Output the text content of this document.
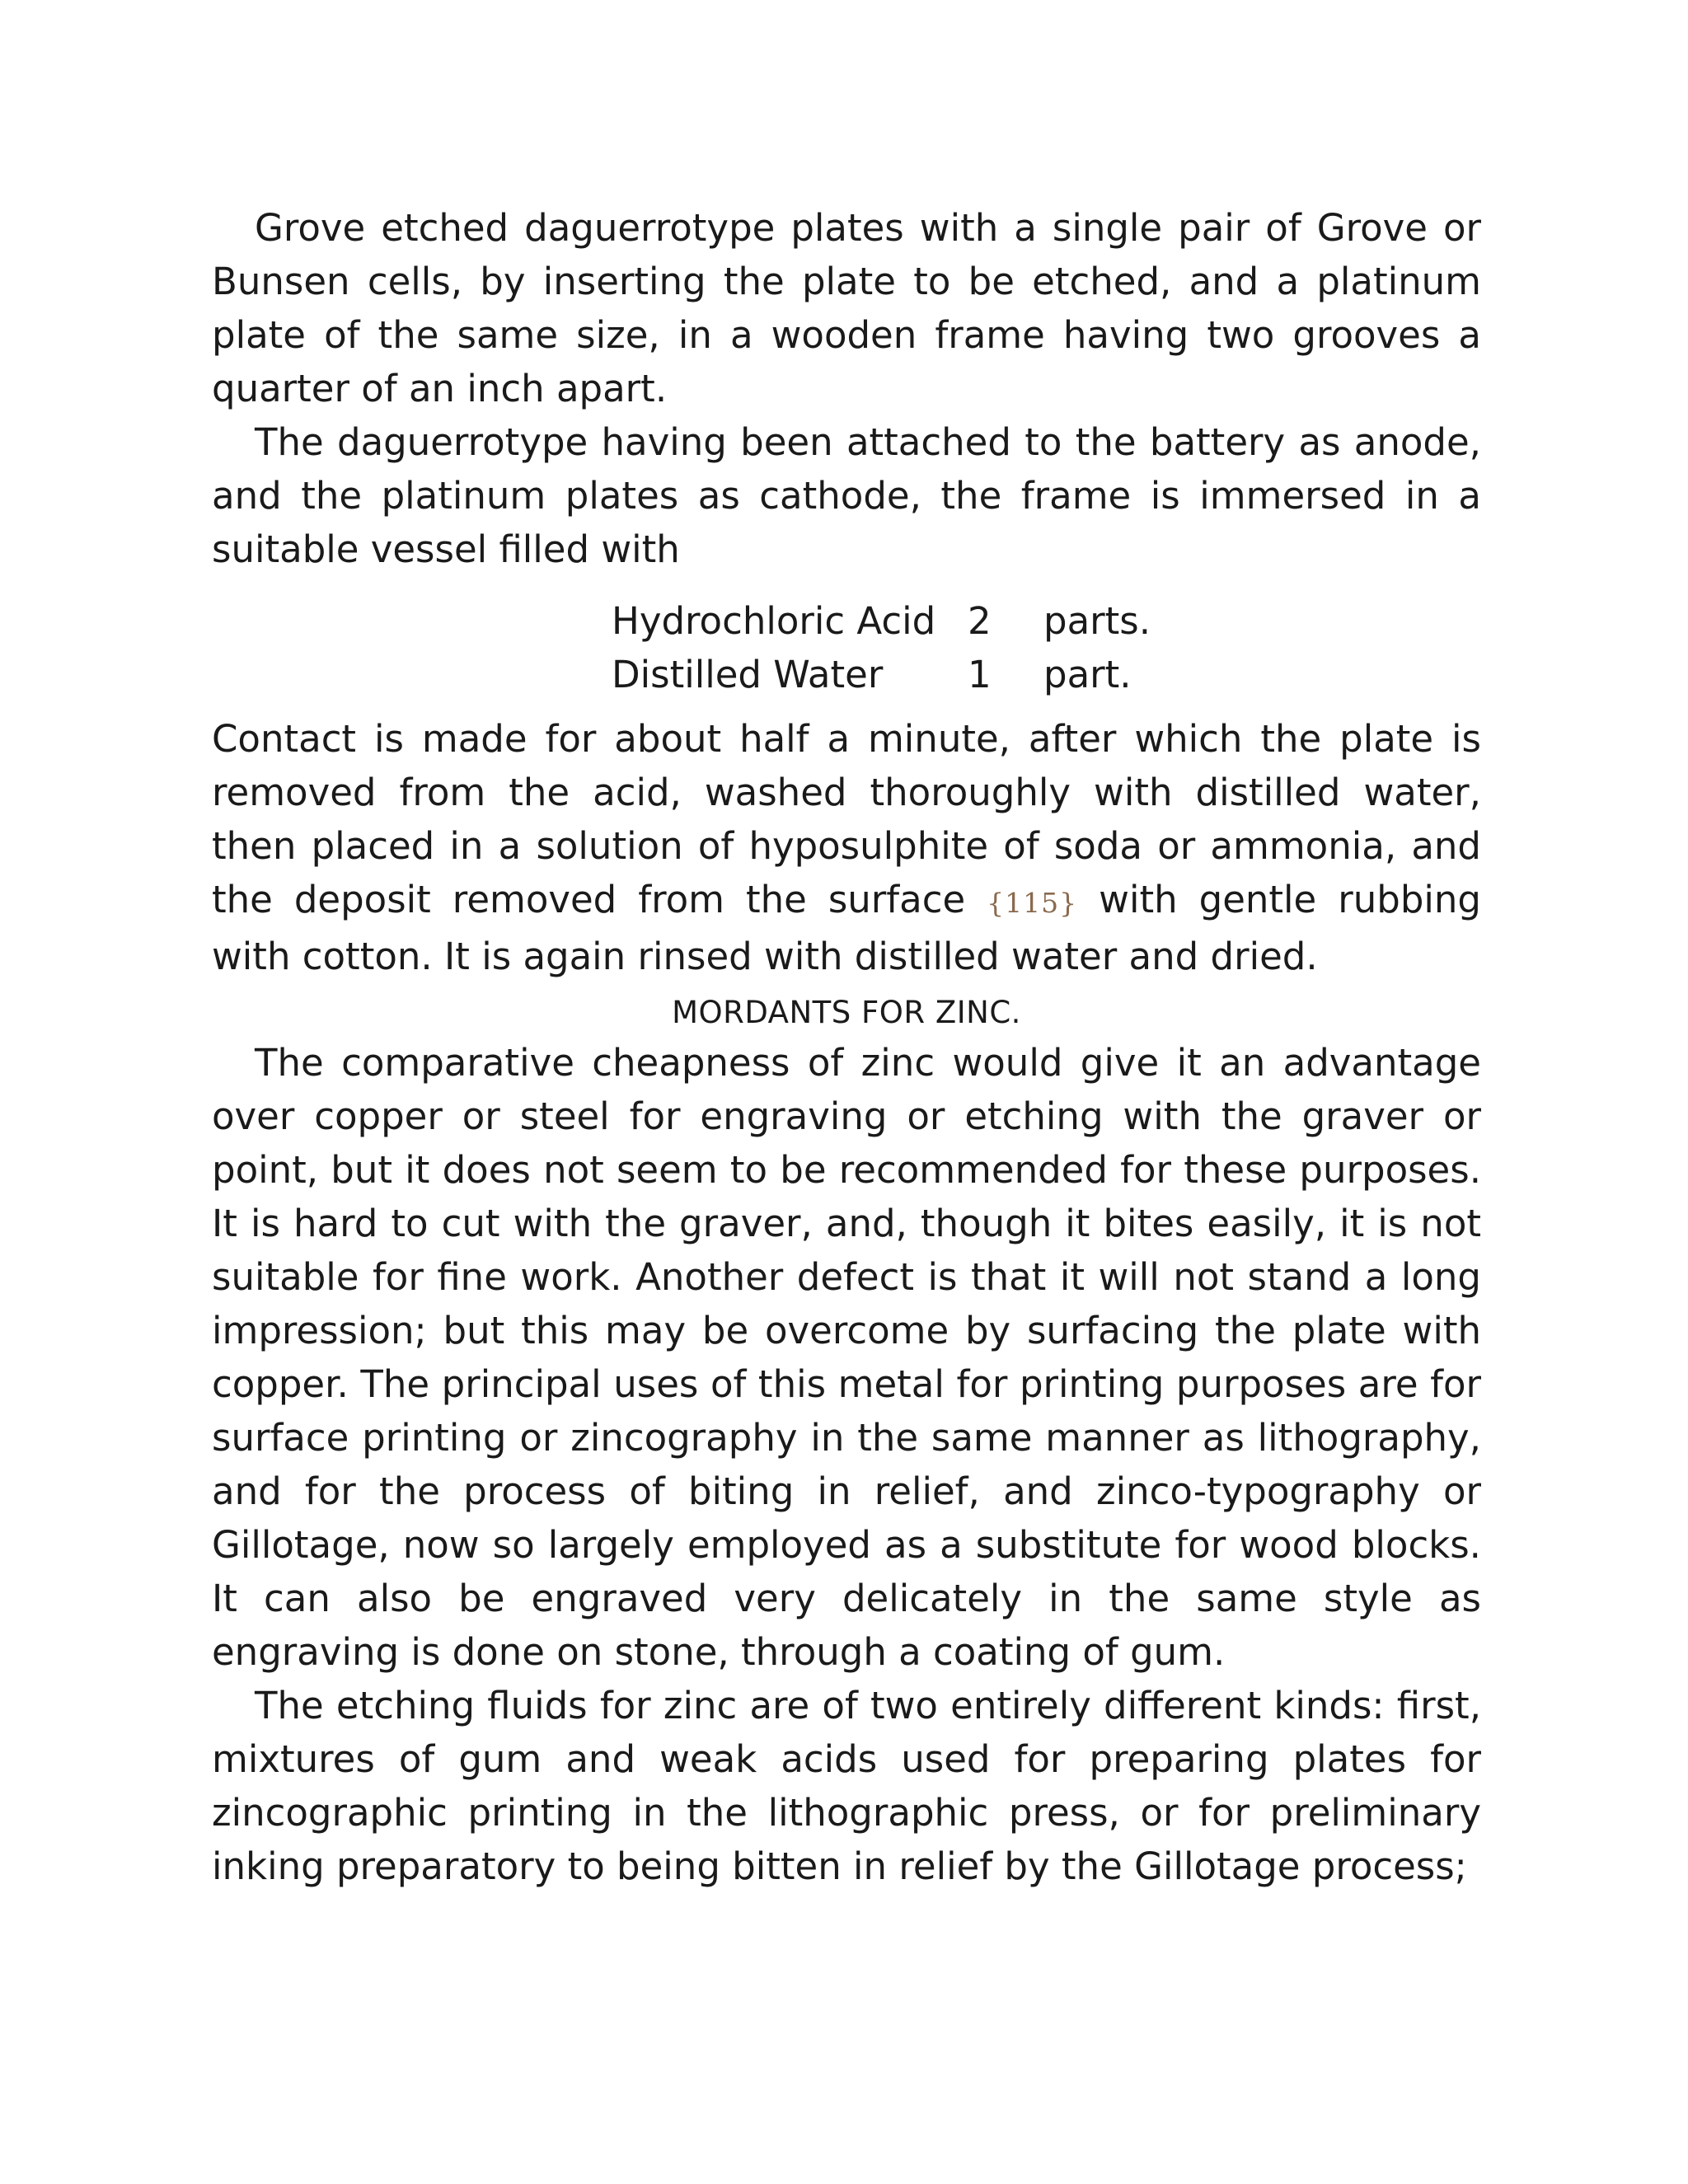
Grove etched daguerrotype plates with a single pair of Grove or Bunsen cells, by inserting the plate to be etched, and a platinum plate of the same size, in a wooden frame having two grooves a quarter of an inch apart.

The daguerrotype having been attached to the battery as anode, and the platinum plates as cathode, the frame is immersed in a suitable vessel filled with

Hydrochloric Acid	2	parts.
Distilled Water	1	part.

Contact is made for about half a minute, after which the plate is removed from the acid, washed thoroughly with distilled water, then placed in a solution of hyposulphite of soda or ammonia, and the deposit removed from the surface {115} with gentle rubbing with cotton. It is again rinsed with distilled water and dried.

MORDANTS FOR ZINC.

The comparative cheapness of zinc would give it an advantage over copper or steel for engraving or etching with the graver or point, but it does not seem to be recommended for these purposes. It is hard to cut with the graver, and, though it bites easily, it is not suitable for fine work. Another defect is that it will not stand a long impression; but this may be overcome by surfacing the plate with copper. The principal uses of this metal for printing purposes are for surface printing or zincography in the same manner as lithography, and for the process of biting in relief, and zinco-typography or Gillotage, now so largely employed as a substitute for wood blocks. It can also be engraved very delicately in the same style as engraving is done on stone, through a coating of gum.

The etching fluids for zinc are of two entirely different kinds: first, mixtures of gum and weak acids used for preparing plates for zincographic printing in the lithographic press, or for preliminary inking preparatory to being bitten in relief by the Gillotage process;
